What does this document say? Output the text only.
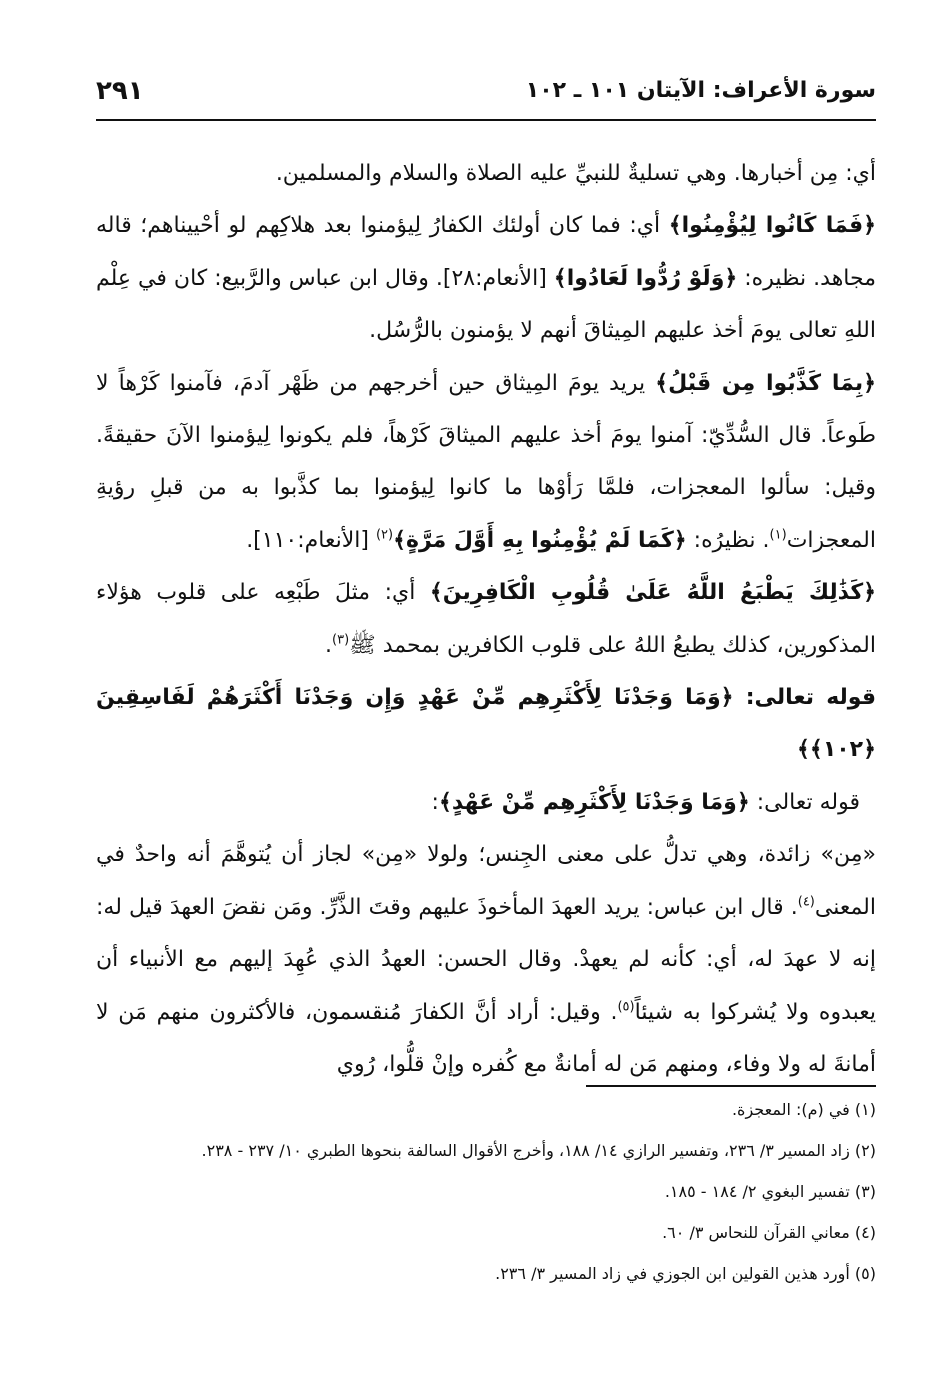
سورة الأعراف: الآيتان ١٠١ ـ ١٠٢
٢٩١

أي: مِن أخبارها. وهي تسليةٌ للنبيِّ عليه الصلاة والسلام والمسلمين.

﴿فَمَا كَانُوا لِيُؤْمِنُوا﴾ أي: فما كان أولئك الكفارُ لِيؤمنوا بعد هلاكِهم لو أحْييناهم؛ قاله مجاهد. نظيره: ﴿وَلَوْ رُدُّوا لَعَادُوا﴾ [الأنعام:٢٨]. وقال ابن عباس والرَّبيع: كان في عِلْم اللهِ تعالى يومَ أخذ عليهم المِيثاقَ أنهم لا يؤمنون بالرُّسُل.

﴿بِمَا كَذَّبُوا مِن قَبْلُ﴾ يريد يومَ المِيثاق حين أخرجهم من ظَهْر آدمَ، فآمنوا كَرْهاً لا طَوعاً. قال السُّدِّيّ: آمنوا يومَ أخذ عليهم الميثاقَ كَرْهاً، فلم يكونوا لِيؤمنوا الآنَ حقيقةً. وقيل: سألوا المعجزات، فلمَّا رَأوْها ما كانوا لِيؤمنوا بما كذَّبوا به من قبلِ رؤيةِ المعجزات$^{(١)}$. نظيرُه: ﴿كَمَا لَمْ يُؤْمِنُوا بِهِ أَوَّلَ مَرَّةٍ﴾$^{(٢)}$ [الأنعام:١١٠].

﴿كَذَٰلِكَ يَطْبَعُ اللَّهُ عَلَىٰ قُلُوبِ الْكَافِرِينَ﴾ أي: مثلَ طَبْعِه على قلوب هؤلاء المذكورين، كذلك يطبعُ اللهُ على قلوب الكافرين بمحمد ﷺ$^{(٣)}$.

قوله تعالى: ﴿وَمَا وَجَدْنَا لِأَكْثَرِهِم مِّنْ عَهْدٍ وَإِن وَجَدْنَا أَكْثَرَهُمْ لَفَاسِقِينَ ﴿١٠٢﴾﴾

قوله تعالى: ﴿وَمَا وَجَدْنَا لِأَكْثَرِهِم مِّنْ عَهْدٍ﴾:

«مِن» زائدة، وهي تدلُّ على معنى الجِنس؛ ولولا «مِن» لجاز أن يُتوهَّمَ أنه واحدٌ في المعنى$^{(٤)}$. قال ابن عباس: يريد العهدَ المأخوذَ عليهم وقتَ الذَّرِّ. ومَن نقضَ العهدَ قيل له: إنه لا عهدَ له، أي: كأنه لم يعهدْ. وقال الحسن: العهدُ الذي عُهِدَ إليهم مع الأنبياء أن يعبدوه ولا يُشركوا به شيئاً$^{(٥)}$. وقيل: أراد أنَّ الكفارَ مُنقسمون، فالأكثرون منهم مَن لا أمانةَ له ولا وفاء، ومنهم مَن له أمانةٌ مع كُفره وإنْ قلُّوا، رُوي

(١) في (م): المعجزة.

(٢) زاد المسير ٣/ ٢٣٦، وتفسير الرازي ١٤/ ١٨٨، وأخرج الأقوال السالفة بنحوها الطبري ١٠/ ٢٣٧ - ٢٣٨.

(٣) تفسير البغوي ٢/ ١٨٤ - ١٨٥.

(٤) معاني القرآن للنحاس ٣/ ٦٠.

(٥) أورد هذين القولين ابن الجوزي في زاد المسير ٣/ ٢٣٦.
